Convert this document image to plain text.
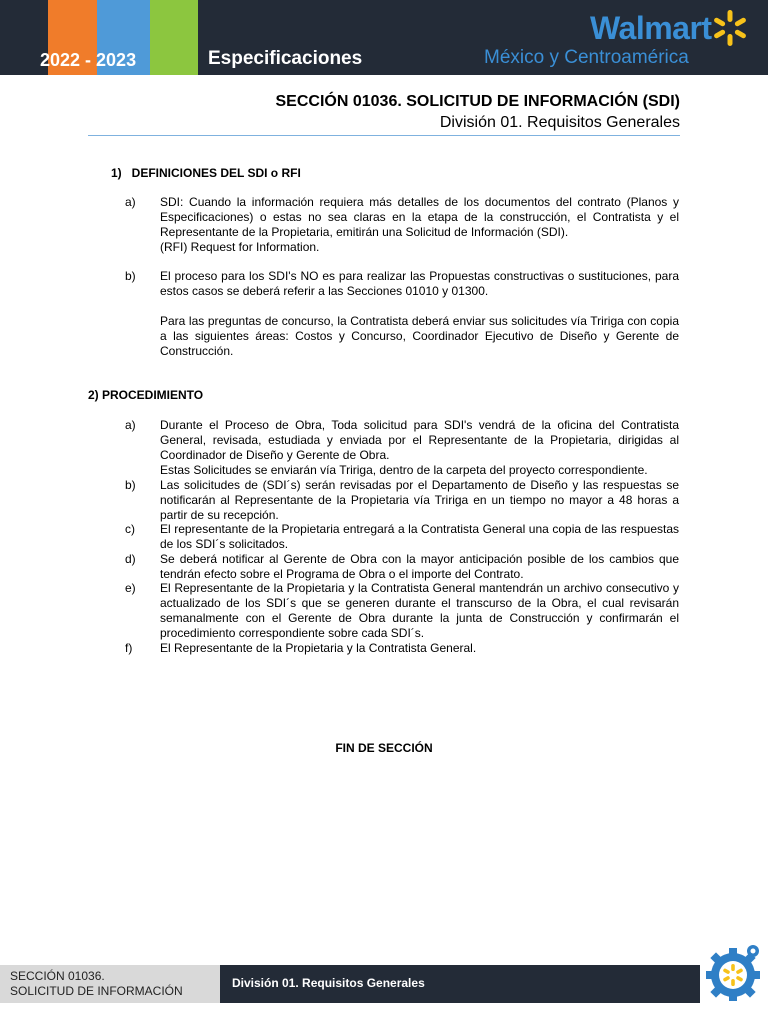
2022 - 2023	Especificaciones
Walmart
México y Centroamérica
SECCIÓN 01036. SOLICITUD DE INFORMACIÓN (SDI)
División 01. Requisitos Generales
1)   DEFINICIONES DEL SDI o RFI
a) SDI: Cuando la información requiera más detalles de los documentos del contrato (Planos y Especificaciones) o estas no sea claras en la etapa de la construcción, el Contratista y el Representante de la Propietaria, emitirán una Solicitud de Información (SDI).
(RFI) Request for Information.
b) El proceso para los SDI's NO es para realizar las Propuestas constructivas o sustituciones, para estos casos se deberá referir a las Secciones 01010 y 01300.
Para las preguntas de concurso, la Contratista deberá enviar sus solicitudes vía Tririga con copia a las siguientes áreas: Costos y Concurso, Coordinador Ejecutivo de Diseño y Gerente de Construcción.
2) PROCEDIMIENTO
a) Durante el Proceso de Obra, Toda solicitud para SDI's vendrá de la oficina del Contratista General, revisada, estudiada y enviada por el Representante de la Propietaria, dirigidas al Coordinador de Diseño y Gerente de Obra.
Estas Solicitudes se enviarán vía Tririga, dentro de la carpeta del proyecto correspondiente.
b) Las solicitudes de (SDI´s) serán revisadas por el Departamento de Diseño y las respuestas se notificarán al Representante de la Propietaria vía Tririga en un tiempo no mayor a 48 horas a partir de su recepción.
c) El representante de la Propietaria entregará a la Contratista General una copia de las respuestas de los SDI´s solicitados.
d) Se deberá notificar al Gerente de Obra con la mayor anticipación posible de los cambios que tendrán efecto sobre el Programa de Obra o el importe del Contrato.
e) El Representante de la Propietaria y la Contratista General mantendrán un archivo consecutivo y actualizado de los SDI´s que se generen durante el transcurso de la Obra, el cual revisarán semanalmente con el Gerente de Obra durante la junta de Construcción y confirmarán el procedimiento correspondiente sobre cada SDI´s.
f) El Representante de la Propietaria y la Contratista General.
FIN DE SECCIÓN
SECCIÓN 01036.
SOLICITUD DE INFORMACIÓN
División 01. Requisitos Generales
